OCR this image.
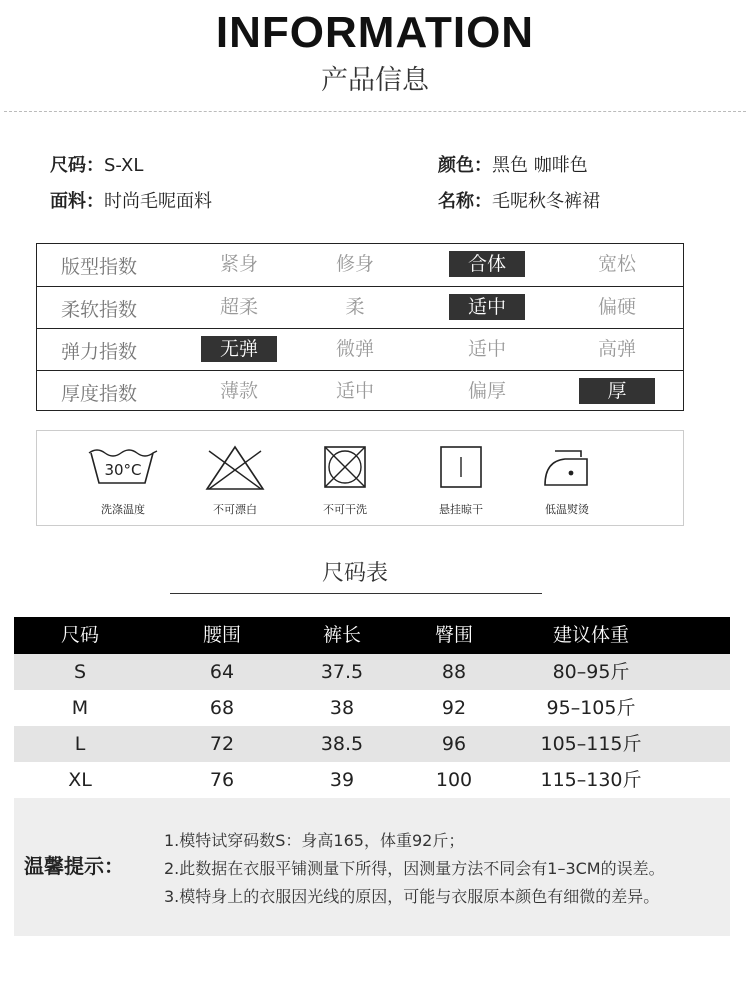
INFORMATION
产品信息
尺码：S-XL
面料：时尚毛呢面料
颜色：黑色 咖啡色
名称：毛呢秋冬裤裙
版型指数	紧身	修身	合体	宽松
柔软指数	超柔	柔	适中	偏硬
弹力指数	无弹	微弹	适中	高弹
厚度指数	薄款	适中	偏厚	厚
30°C
洗涤温度	不可漂白	不可干洗	悬挂晾干	低温熨烫
尺码表
尺码	腰围	裤长	臀围	建议体重
S	64	37.5	88	80–95斤
M	68	38	92	95–105斤
L	72	38.5	96	105–115斤
XL	76	39	100	115–130斤
温馨提示：
1.模特试穿码数S：身高165，体重92斤；
2.此数据在衣服平铺测量下所得，因测量方法不同会有1–3CM的误差。
3.模特身上的衣服因光线的原因，可能与衣服原本颜色有细微的差异。
